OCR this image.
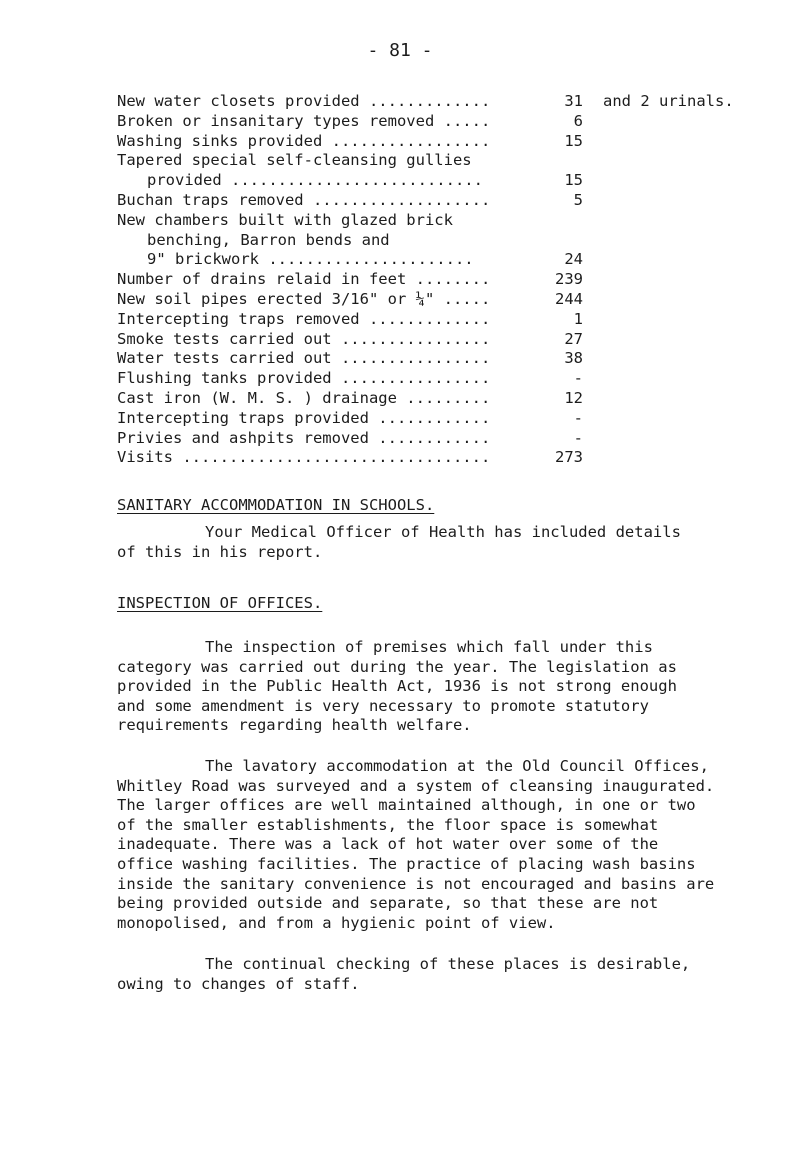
- 81 -
New water closets provided .............	31 and 2 urinals.
Broken or insanitary types removed .....	6
Washing sinks provided .................	15
Tapered special self-cleansing gullies
provided ...........................	15
Buchan traps removed ...................	5
New chambers built with glazed brick
benching, Barron bends and
9" brickwork ......................	24
Number of drains relaid in feet ........	239
New soil pipes erected 3/16" or ¼" .....	244
Intercepting traps removed .............	1
Smoke tests carried out ................	27
Water tests carried out ................	38
Flushing tanks provided ................	-
Cast iron (W. M. S. ) drainage .........	12
Intercepting traps provided ............	-
Privies and ashpits removed ............	-
Visits .................................	273
SANITARY ACCOMMODATION IN SCHOOLS.
Your Medical Officer of Health has included details
of this in his report.
INSPECTION OF OFFICES.
The inspection of premises which fall under this
category was carried out during the year. The legislation as
provided in the Public Health Act, 1936 is not strong enough
and some amendment is very necessary to promote statutory
requirements regarding health welfare.
The lavatory accommodation at the Old Council Offices,
Whitley Road was surveyed and a system of cleansing inaugurated.
The larger offices are well maintained although, in one or two
of the smaller establishments, the floor space is somewhat
inadequate. There was a lack of hot water over some of the
office washing facilities. The practice of placing wash basins
inside the sanitary convenience is not encouraged and basins are
being provided outside and separate, so that these are not
monopolised, and from a hygienic point of view.
The continual checking of these places is desirable,
owing to changes of staff.
